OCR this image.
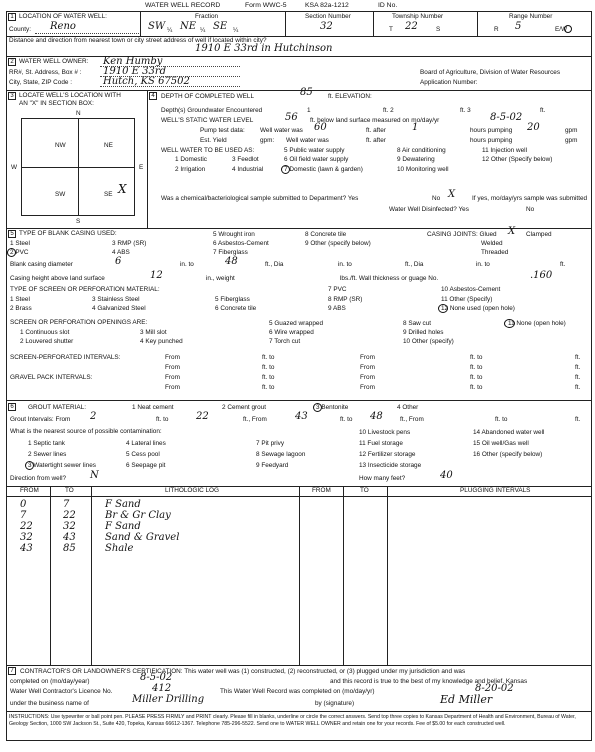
WATER WELL RECORD	Form WWC-5	KSA 82a-1212	ID No.
1 LOCATION OF WATER WELL:
County: Reno
Fraction
SW ¼ NE ¼ SE ¼
Section Number
32
Township Number
T 22	S
Range Number
R 5	E/W
Distance and direction from nearest town or city street address of well if located within city?
1910 E 33rd in Hutchinson
2 WATER WELL OWNER: Ken Humby
RR#, St. Address, Box # : 1910 E 33rd
City, State, ZIP Code :	Hutch, KS 67502
Board of Agriculture, Division of Water Resources
Application Number:
3 LOCATE WELL'S LOCATION WITH
AN "X" IN SECTION BOX:
N
S
E
W
NW	NE
SW	SE X
4 DEPTH OF COMPLETED WELL	85 ft. ELEVATION:
Depth(s) Groundwater Encountered	1	ft. 2	ft. 3	ft.
WELL'S STATIC WATER LEVEL	56 ft. below land surface measured on mo/day/yr	8-5-02
Pump test data: Well water was 60	ft. after	1	hours pumping 20	gpm
Est. Yield	gpm: Well water was	ft. after	hours pumping	gpm
WELL WATER TO BE USED AS:
1 Domestic
2 Irrigation
3 Feedlot
4 Industrial
5 Public water supply
6 Oil field water supply
7 Domestic (lawn & garden)
8 Air conditioning
9 Dewatering
10 Monitoring well
11 Injection well
12 Other (Specify below)
Was a chemical/bacteriological sample submitted to Department? Yes	No X	If yes, mo/day/yrs sample was submitted
Water Well Disinfected? Yes	No
5 TYPE OF BLANK CASING USED:
1 Steel
2 PVC
3 RMP (SR)
4 ABS
5 Wrought iron
6 Asbestos-Cement
7 Fiberglass
8 Concrete tile
9 Other (specify below)
CASING JOINTS: Glued X Clamped
Welded
Threaded
Blank casing diameter	6	in. to	48	ft., Dia	in. to	ft., Dia	in. to	ft.
Casing height above land surface	12	in., weight	lbs./ft. Wall thickness or guage No.	.160
TYPE OF SCREEN OR PERFORATION MATERIAL:
1 Steel
2 Brass
3 Stainless Steel
4 Galvanized Steel
5 Fiberglass
6 Concrete tile
7 PVC
8 RMP (SR)
9 ABS
10 Asbestos-Cement
11 Other (Specify)
12 None used (open hole)
SCREEN OR PERFORATION OPENINGS ARE:
1 Continuous slot
2 Louvered shutter
3 Mill slot
4 Key punched
5 Guazed wrapped
6 Wire wrapped
7 Torch cut
8 Saw cut
9 Drilled holes
10 Other (specify)
11 None (open hole)
SCREEN-PERFORATED INTERVALS:
GRAVEL PACK INTERVALS:
From	ft. to	From	ft. to	ft.
From	ft. to	From	ft. to	ft.
From	ft. to	From	ft. to	ft.
From	ft. to	From	ft. to	ft.
6	GROUT MATERIAL:	1 Neat cement	2 Cement grout	3 Bentonite	4 Other
Grout Intervals: From 2	ft. to	22	ft., From	43	ft. to 48	ft., From	ft. to	ft.
What is the nearest source of possible contamination:
1 Septic tank
2 Sewer lines
3 Watertight sewer lines
4 Lateral lines
5 Cess pool
6 Seepage pit
7 Pit privy
8 Sewage lagoon
9 Feedyard
10 Livestock pens
11 Fuel storage
12 Fertilizer storage
13 Insecticide storage
14 Abandoned water well
15 Oil well/Gas well
16 Other (specify below)
Direction from well? N	How many feet?	40
FROM	TO	LITHOLOGIC LOG	FROM	TO	PLUGGING INTERVALS
0	7	F Sand
7	22	Br & Gr Clay
22	32	F Sand
32	43	Sand & Gravel
43	85	Shale
7 CONTRACTOR'S OR LANDOWNER'S CERTIFICATION: This water well was (1) constructed, (2) reconstructed, or (3) plugged under my jurisdiction and was
completed on (mo/day/year)	8-5-02	and this record is true to the best of my knowledge and belief. Kansas
Water Well Contractor's Licence No.	412	This Water Well Record was completed on (mo/day/yr)	8-20-02
under the business name of	Miller Drilling	by (signature)	Ed Miller
INSTRUCTIONS: Use typewriter or ball point pen. PLEASE PRESS FIRMLY and PRINT clearly. Please fill in blanks, underline or circle the correct answers. Send top three copies to Kansas Department of Health and Environment, Bureau of Water, Geology Section, 1000 SW Jackson St., Suite 420, Topeka, Kansas 66612-1367. Telephone 785-296-5522. Send one to WATER WELL OWNER and retain one for your records. Fee of $5.00 for each constructed well.
